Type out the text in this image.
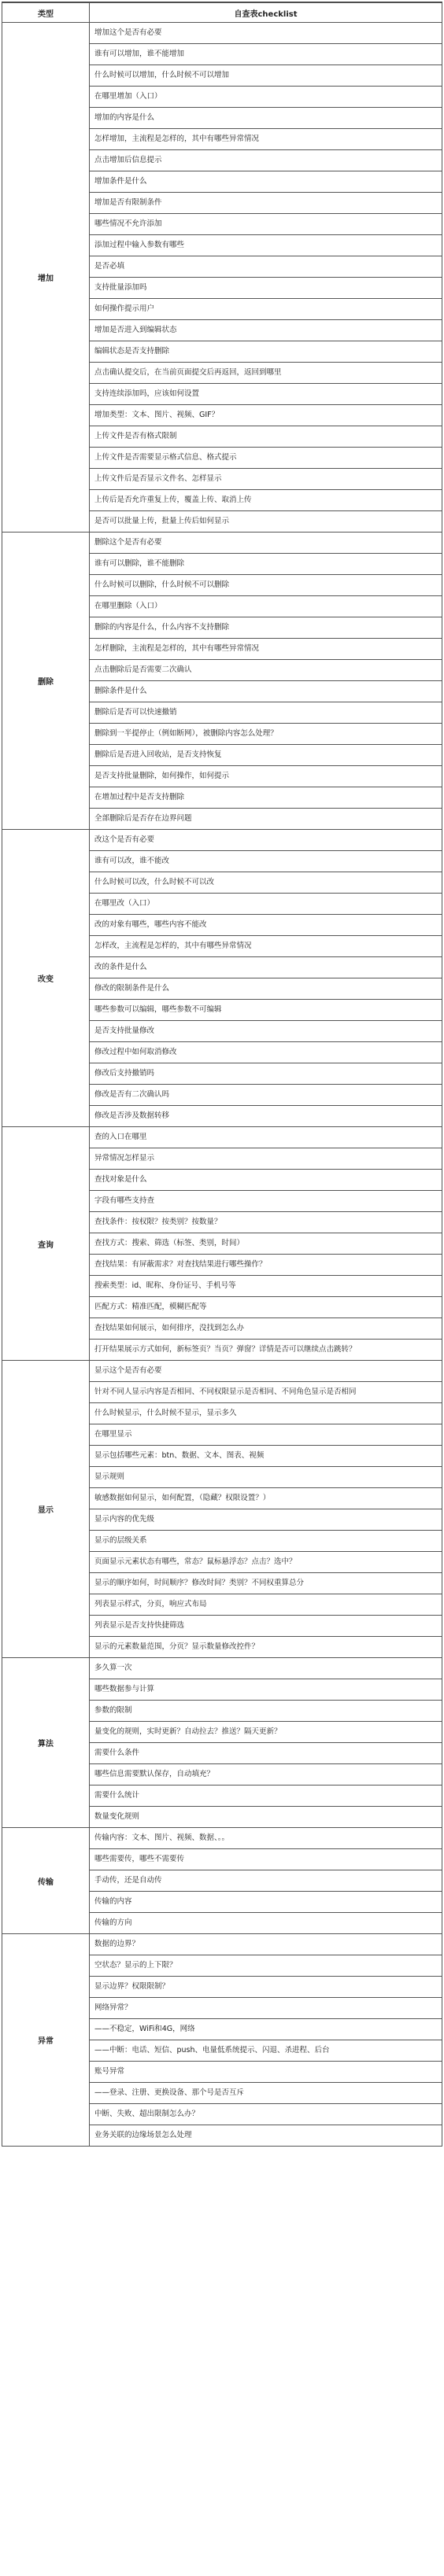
类型	自查表checklist
增加	增加这个是否有必要
	谁有可以增加，谁不能增加
	什么时候可以增加，什么时候不可以增加
	在哪里增加（入口）
	增加的内容是什么
	怎样增加，主流程是怎样的，其中有哪些异常情况
	点击增加后信息提示
	增加条件是什么
	增加是否有限制条件
	哪些情况不允许添加
	添加过程中输入参数有哪些
	是否必填
	支持批量添加吗
	如何操作提示用户
	增加是否进入到编辑状态
	编辑状态是否支持删除
	点击确认提交后，在当前页面提交后再返回，返回到哪里
	支持连续添加吗，应该如何设置
	增加类型：文本、图片、视频、GIF？
	上传文件是否有格式限制
	上传文件是否需要显示格式信息、格式提示
	上传文件后是否显示文件名、怎样显示
	上传后是否允许重复上传，覆盖上传、取消上传
	是否可以批量上传，批量上传后如何显示
删除	删除这个是否有必要
	谁有可以删除，谁不能删除
	什么时候可以删除，什么时候不可以删除
	在哪里删除（入口）
	删除的内容是什么，什么内容不支持删除
	怎样删除，主流程是怎样的，其中有哪些异常情况
	点击删除后是否需要二次确认
	删除条件是什么
	删除后是否可以快速撤销
	删除到一半提停止（例如断网），被删除内容怎么处理？
	删除后是否进入回收站，是否支持恢复
	是否支持批量删除，如何操作，如何提示
	在增加过程中是否支持删除
	全部删除后是否存在边界问题
改变	改这个是否有必要
	谁有可以改，谁不能改
	什么时候可以改，什么时候不可以改
	在哪里改（入口）
	改的对象有哪些，哪些内容不能改
	怎样改，主流程是怎样的，其中有哪些异常情况
	改的条件是什么
	修改的限制条件是什么
	哪些参数可以编辑，哪些参数不可编辑
	是否支持批量修改
	修改过程中如何取消修改
	修改后支持撤销吗
	修改是否有二次确认吗
	修改是否涉及数据转移
查询	查的入口在哪里
	异常情况怎样显示
	查找对象是什么
	字段有哪些支持查
	查找条件：按权限？按类别？按数量？
	查找方式：搜索、筛选（标签、类别，时间）
	查找结果：有屏蔽需求？对查找结果进行哪些操作？
	搜索类型：id、昵称、身份证号、手机号等
	匹配方式：精准匹配，模糊匹配等
	查找结果如何展示，如何排序，没找到怎么办
	打开结果展示方式如何，新标签页？当页？弹窗？详情是否可以继续点击跳转？
显示	显示这个是否有必要
	针对不同人显示内容是否相同、不同权限显示是否相同、不同角色显示是否相同
	什么时候显示，什么时候不显示，显示多久
	在哪里显示
	显示包括哪些元素：btn、数据、文本、图表、视频
	显示规则
	敏感数据如何显示，如何配置，（隐藏？权限设置？）
	显示内容的优先级
	显示的层级关系
	页面显示元素状态有哪些，常态？鼠标悬浮态？点击？选中？
	显示的顺序如何，时间顺序？修改时间？类别？不同权重算总分
	列表显示样式，分页，响应式布局
	列表显示是否支持快捷筛选
	显示的元素数量范围，分页？显示数量修改控件？
算法	多久算一次
	哪些数据参与计算
	参数的限制
	量变化的规则，实时更新？自动拉去？推送？隔天更新？
	需要什么条件
	哪些信息需要默认保存，自动填充？
	需要什么统计
	数量变化规则
传输	传输内容：文本、图片、视频、数据、。。
	哪些需要传，哪些不需要传
	手动传，还是自动传
	传输的内容
	传输的方向
异常	数据的边界？
	空状态？显示的上下限？
	显示边界？权限限制？
	网络异常？
	——不稳定，WiFi和4G，网络
	——中断：电话、短信、push、电量低系统提示、闪退、杀进程、后台
	账号异常
	——登录、注册、更换设备、那个号是否互斥
	中断、失败、超出限制怎么办？
	业务关联的边缘场景怎么处理
